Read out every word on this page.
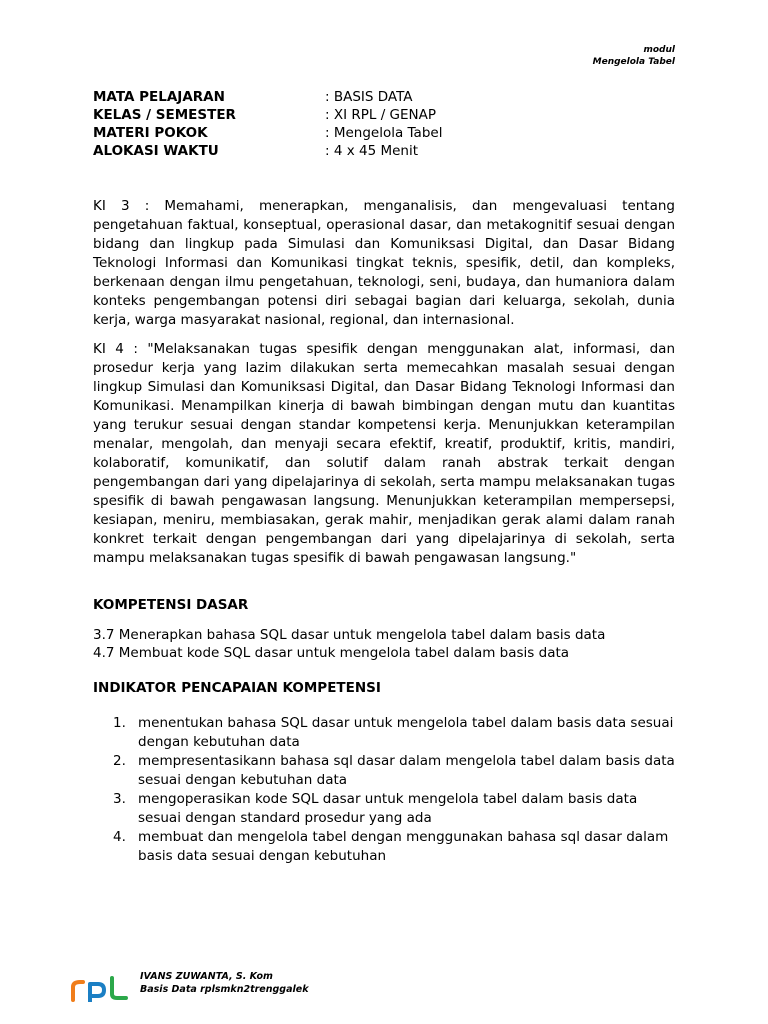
modul
Mengelola Tabel
MATA PELAJARAN	: BASIS DATA
KELAS / SEMESTER	: XI RPL / GENAP
MATERI POKOK	: Mengelola Tabel
ALOKASI WAKTU	: 4 x 45 Menit

KI 3 : Memahami, menerapkan, menganalisis, dan mengevaluasi tentang pengetahuan faktual, konseptual, operasional dasar, dan metakognitif sesuai dengan bidang dan lingkup pada Simulasi dan Komuniksasi Digital, dan Dasar Bidang Teknologi Informasi dan Komunikasi tingkat teknis, spesifik, detil, dan kompleks, berkenaan dengan ilmu pengetahuan, teknologi, seni, budaya, dan humaniora dalam konteks pengembangan potensi diri sebagai bagian dari keluarga, sekolah, dunia kerja, warga masyarakat nasional, regional, dan internasional.

KI 4 : "Melaksanakan tugas spesifik dengan menggunakan alat, informasi, dan prosedur kerja yang lazim dilakukan serta memecahkan masalah sesuai dengan lingkup Simulasi dan Komuniksasi Digital, dan Dasar Bidang Teknologi Informasi dan Komunikasi. Menampilkan kinerja di bawah bimbingan dengan mutu dan kuantitas yang terukur sesuai dengan standar kompetensi kerja. Menunjukkan keterampilan menalar, mengolah, dan menyaji secara efektif, kreatif, produktif, kritis, mandiri, kolaboratif, komunikatif, dan solutif dalam ranah abstrak terkait dengan pengembangan dari yang dipelajarinya di sekolah, serta mampu melaksanakan tugas spesifik di bawah pengawasan langsung. Menunjukkan keterampilan mempersepsi, kesiapan, meniru, membiasakan, gerak mahir, menjadikan gerak alami dalam ranah konkret terkait dengan pengembangan dari yang dipelajarinya di sekolah, serta mampu melaksanakan tugas spesifik di bawah pengawasan langsung."

KOMPETENSI DASAR
3.7 Menerapkan bahasa SQL dasar untuk mengelola tabel dalam basis data
4.7 Membuat kode SQL dasar untuk mengelola tabel dalam basis data
INDIKATOR PENCAPAIAN KOMPETENSI
1. menentukan bahasa SQL dasar untuk mengelola tabel dalam basis data sesuai dengan kebutuhan data
2. mempresentasikann bahasa sql dasar dalam mengelola tabel dalam basis data sesuai dengan kebutuhan data
3. mengoperasikan kode SQL dasar untuk mengelola tabel dalam basis data sesuai dengan standard prosedur yang ada
4. membuat dan mengelola tabel dengan menggunakan bahasa sql dasar dalam basis data sesuai dengan kebutuhan
IVANS ZUWANTA, S. Kom
Basis Data rplsmkn2trenggalek
